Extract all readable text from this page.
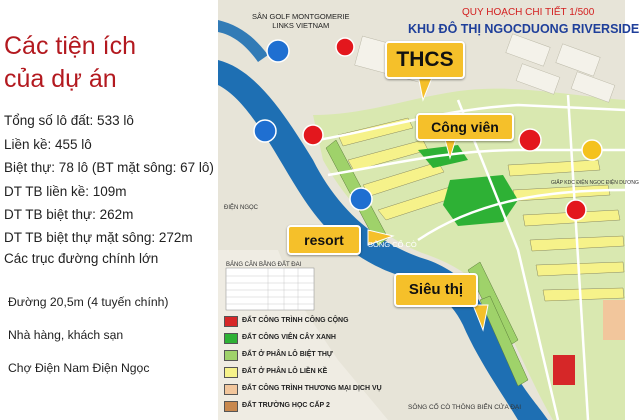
Các tiện ích
của dự án
Tổng số lô đất: 533 lô
Liền kề: 455 lô
Biệt thự: 78 lô (BT mặt sông: 67 lô)
DT TB liền kề: 109m
DT TB biệt thự: 262m
DT TB biệt thự mặt sông: 272m
Các trục đường chính lớn
Đường 20,5m (4 tuyến chính)
Nhà hàng, khách sạn
Chợ Điện Nam Điện Ngọc
SÂN GOLF MONTGOMERIE
LINKS VIETNAM
QUY HOẠCH CHI TIẾT 1/500
KHU ĐÔ THỊ NGOCDUONG RIVERSIDE
THCS
Công viên
resort
Siêu thị
SÔNG CỔ CÒ
SÔNG CỔ CÒ THÔNG BIỂN CỬA ĐẠI
ĐIỆN NGỌC
GIẤP KDC ĐIỆN NGỌC ĐIỆN DƯƠNG
BẢNG CÂN BẰNG ĐẤT ĐAI
ĐẤT CÔNG TRÌNH CÔNG CỘNG
ĐẤT CÔNG VIÊN CÂY XANH
ĐẤT Ở PHÂN LÔ BIỆT THỰ
ĐẤT Ở PHÂN LÔ LIỀN KỀ
ĐẤT CÔNG TRÌNH THƯƠNG MẠI DỊCH VỤ
ĐẤT TRƯỜNG HỌC CẤP 2
